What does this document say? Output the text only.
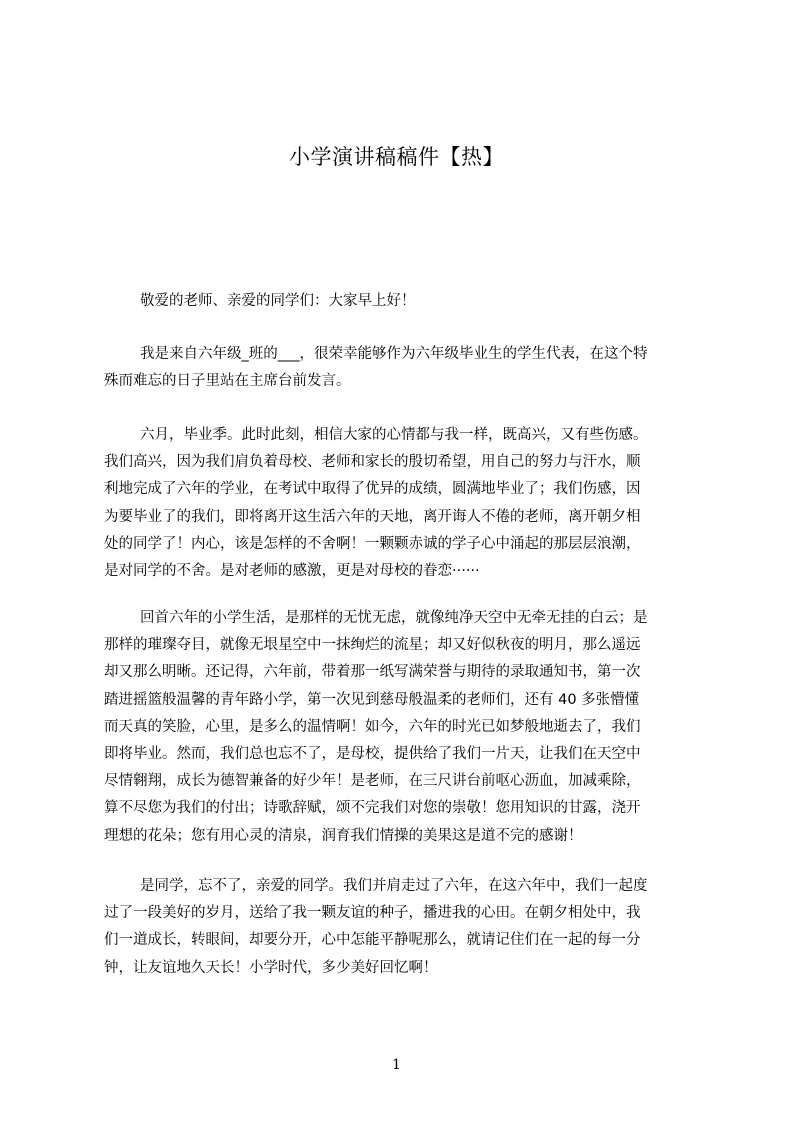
小学演讲稿稿件【热】
敬爱的老师、亲爱的同学们：大家早上好！
我是来自六年级_班的___，很荣幸能够作为六年级毕业生的学生代表，在这个特
殊而难忘的日子里站在主席台前发言。
六月，毕业季。此时此刻，相信大家的心情都与我一样，既高兴，又有些伤感。
我们高兴，因为我们肩负着母校、老师和家长的殷切希望，用自己的努力与汗水，顺
利地完成了六年的学业，在考试中取得了优异的成绩，圆满地毕业了；我们伤感，因
为要毕业了的我们，即将离开这生活六年的天地，离开诲人不倦的老师，离开朝夕相
处的同学了！内心，该是怎样的不舍啊！一颗颗赤诚的学子心中涌起的那层层浪潮，
是对同学的不舍。是对老师的感激，更是对母校的眷恋······
回首六年的小学生活，是那样的无忧无虑，就像纯净天空中无牵无挂的白云；是
那样的璀璨夺目，就像无垠星空中一抹绚烂的流星；却又好似秋夜的明月，那么遥远
却又那么明晰。还记得，六年前，带着那一纸写满荣誉与期待的录取通知书，第一次
踏进摇篮般温馨的青年路小学，第一次见到慈母般温柔的老师们，还有 40 多张懵懂
而天真的笑脸，心里，是多么的温情啊！如今，六年的时光已如梦般地逝去了，我们
即将毕业。然而，我们总也忘不了，是母校，提供给了我们一片天，让我们在天空中
尽情翱翔，成长为德智兼备的好少年！是老师，在三尺讲台前呕心沥血，加减乘除，
算不尽您为我们的付出；诗歌辞赋，颂不完我们对您的崇敬！您用知识的甘露，浇开
理想的花朵；您有用心灵的清泉，润育我们情操的美果这是道不完的感谢！
是同学，忘不了，亲爱的同学。我们并肩走过了六年，在这六年中，我们一起度
过了一段美好的岁月，送给了我一颗友谊的种子，播进我的心田。在朝夕相处中，我
们一道成长，转眼间，却要分开，心中怎能平静呢那么，就请记住们在一起的每一分
钟，让友谊地久天长！小学时代，多少美好回忆啊！
1
